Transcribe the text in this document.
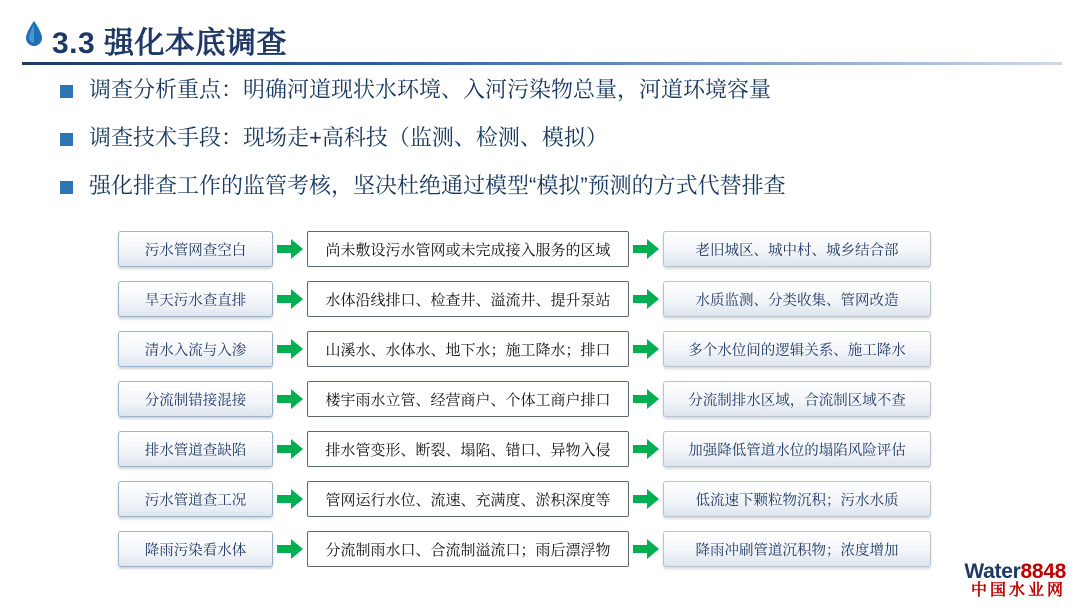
3.3 强化本底调查
调查分析重点：明确河道现状水环境、入河污染物总量，河道环境容量
调查技术手段：现场走+高科技（监测、检测、模拟）
强化排查工作的监管考核，坚决杜绝通过模型“模拟”预测的方式代替排查
污水管网查空白	尚未敷设污水管网或未完成接入服务的区域	老旧城区、城中村、城乡结合部
旱天污水查直排	水体沿线排口、检查井、溢流井、提升泵站	水质监测、分类收集、管网改造
清水入流与入渗	山溪水、水体水、地下水；施工降水；排口	多个水位间的逻辑关系、施工降水
分流制错接混接	楼宇雨水立管、经营商户、个体工商户排口	分流制排水区域，合流制区域不查
排水管道查缺陷	排水管变形、断裂、塌陷、错口、异物入侵	加强降低管道水位的塌陷风险评估
污水管道查工况	管网运行水位、流速、充满度、淤积深度等	低流速下颗粒物沉积；污水水质
降雨污染看水体	分流制雨水口、合流制溢流口；雨后漂浮物	降雨冲刷管道沉积物；浓度增加
Water8848
中国水业网
